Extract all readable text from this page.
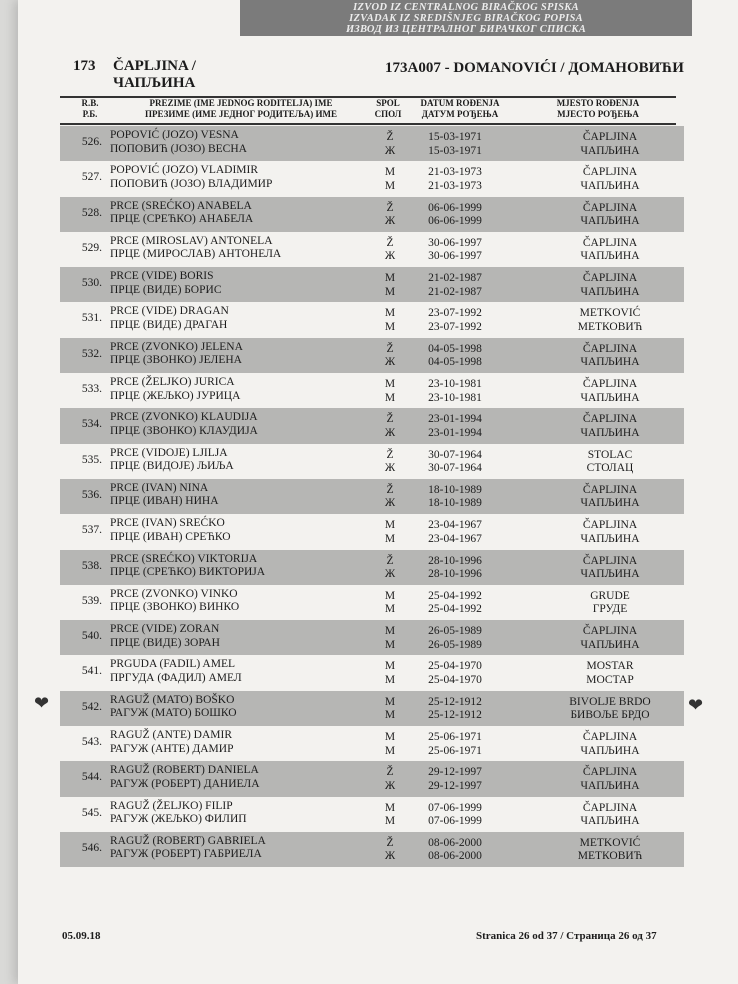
IZVOD IZ CENTRALNOG BIRAČKOG SPISKA
IZVADAK IZ SREDIŠNJEG BIRAČKOG POPISA
ИЗВОД ИЗ ЦЕНТРАЛНОГ БИРАЧКОГ СПИСКА
173 ČAPLJINA /
ЧАПЉИНА
173A007 - DOMANOVIĆI / ДОМАНОВИЋИ
R.B.
Р.Б.
PREZIME (IME JEDNOG RODITELJA) IME
ПРЕЗИМЕ (ИМЕ ЈЕДНОГ РОДИТЕЉА) ИМЕ
SPOL
СПОЛ
DATUM ROĐENJA
ДАТУМ РОЂЕЊА
MJESTO ROĐENJA
МЈЕСТО РОЂЕЊА
526.
POPOVIĆ (JOZO) VESNA
ПОПОВИЋ (ЈОЗО) ВЕСНА
Ž
Ж
15-03-1971
15-03-1971
ČAPLJINA
ЧАПЉИНА
527.
POPOVIĆ (JOZO) VLADIMIR
ПОПОВИЋ (ЈОЗО) ВЛАДИМИР
M
М
21-03-1973
21-03-1973
ČAPLJINA
ЧАПЉИНА
528.
PRCE (SREĆKO) ANABELA
ПРЦЕ (СРЕЋКО) АНАБЕЛА
Ž
Ж
06-06-1999
06-06-1999
ČAPLJINA
ЧАПЉИНА
529.
PRCE (MIROSLAV) ANTONELA
ПРЦЕ (МИРОСЛАВ) АНТОНЕЛА
Ž
Ж
30-06-1997
30-06-1997
ČAPLJINA
ЧАПЉИНА
530.
PRCE (VIDE) BORIS
ПРЦЕ (ВИДЕ) БОРИС
M
М
21-02-1987
21-02-1987
ČAPLJINA
ЧАПЉИНА
531.
PRCE (VIDE) DRAGAN
ПРЦЕ (ВИДЕ) ДРАГАН
M
М
23-07-1992
23-07-1992
METKOVIĆ
МЕТКОВИЋ
532.
PRCE (ZVONKO) JELENA
ПРЦЕ (ЗВОНКО) ЈЕЛЕНА
Ž
Ж
04-05-1998
04-05-1998
ČAPLJINA
ЧАПЉИНА
533.
PRCE (ŽELJKO) JURICA
ПРЦЕ (ЖЕЉКО) ЈУРИЦА
M
М
23-10-1981
23-10-1981
ČAPLJINA
ЧАПЉИНА
534.
PRCE (ZVONKO) KLAUDIJA
ПРЦЕ (ЗВОНКО) КЛАУДИЈА
Ž
Ж
23-01-1994
23-01-1994
ČAPLJINA
ЧАПЉИНА
535.
PRCE (VIDOJE) LJILJA
ПРЦЕ (ВИДОЈЕ) ЉИЉА
Ž
Ж
30-07-1964
30-07-1964
STOLAC
СТОЛАЦ
536.
PRCE (IVAN) NINA
ПРЦЕ (ИВАН) НИНА
Ž
Ж
18-10-1989
18-10-1989
ČAPLJINA
ЧАПЉИНА
537.
PRCE (IVAN) SREĆKO
ПРЦЕ (ИВАН) СРЕЋКО
M
М
23-04-1967
23-04-1967
ČAPLJINA
ЧАПЉИНА
538.
PRCE (SREĆKO) VIKTORIJA
ПРЦЕ (СРЕЋКО) ВИКТОРИЈА
Ž
Ж
28-10-1996
28-10-1996
ČAPLJINA
ЧАПЉИНА
539.
PRCE (ZVONKO) VINKO
ПРЦЕ (ЗВОНКО) ВИНКО
M
М
25-04-1992
25-04-1992
GRUDE
ГРУДЕ
540.
PRCE (VIDE) ZORAN
ПРЦЕ (ВИДЕ) ЗОРАН
M
М
26-05-1989
26-05-1989
ČAPLJINA
ЧАПЉИНА
541.
PRGUDA (FADIL) AMEL
ПРГУДА (ФАДИЛ) АМЕЛ
M
М
25-04-1970
25-04-1970
MOSTAR
МОСТАР
542.
RAGUŽ (MATO) BOŠKO
РАГУЖ (МАТО) БОШКО
M
М
25-12-1912
25-12-1912
BIVOLJE BRDO
БИВОЉЕ БРДО
543.
RAGUŽ (ANTE) DAMIR
РАГУЖ (АНТЕ) ДАМИР
M
М
25-06-1971
25-06-1971
ČAPLJINA
ЧАПЉИНА
544.
RAGUŽ (ROBERT) DANIELA
РАГУЖ (РОБЕРТ) ДАНИЕЛА
Ž
Ж
29-12-1997
29-12-1997
ČAPLJINA
ЧАПЉИНА
545.
RAGUŽ (ŽELJKO) FILIP
РАГУЖ (ЖЕЉКО) ФИЛИП
M
М
07-06-1999
07-06-1999
ČAPLJINA
ЧАПЉИНА
546.
RAGUŽ (ROBERT) GABRIELA
РАГУЖ (РОБЕРТ) ГАБРИЕЛА
Ž
Ж
08-06-2000
08-06-2000
METKOVIĆ
МЕТКОВИЋ
❤	❤
05.09.18	Stranica 26 od 37 / Страница 26 од 37
